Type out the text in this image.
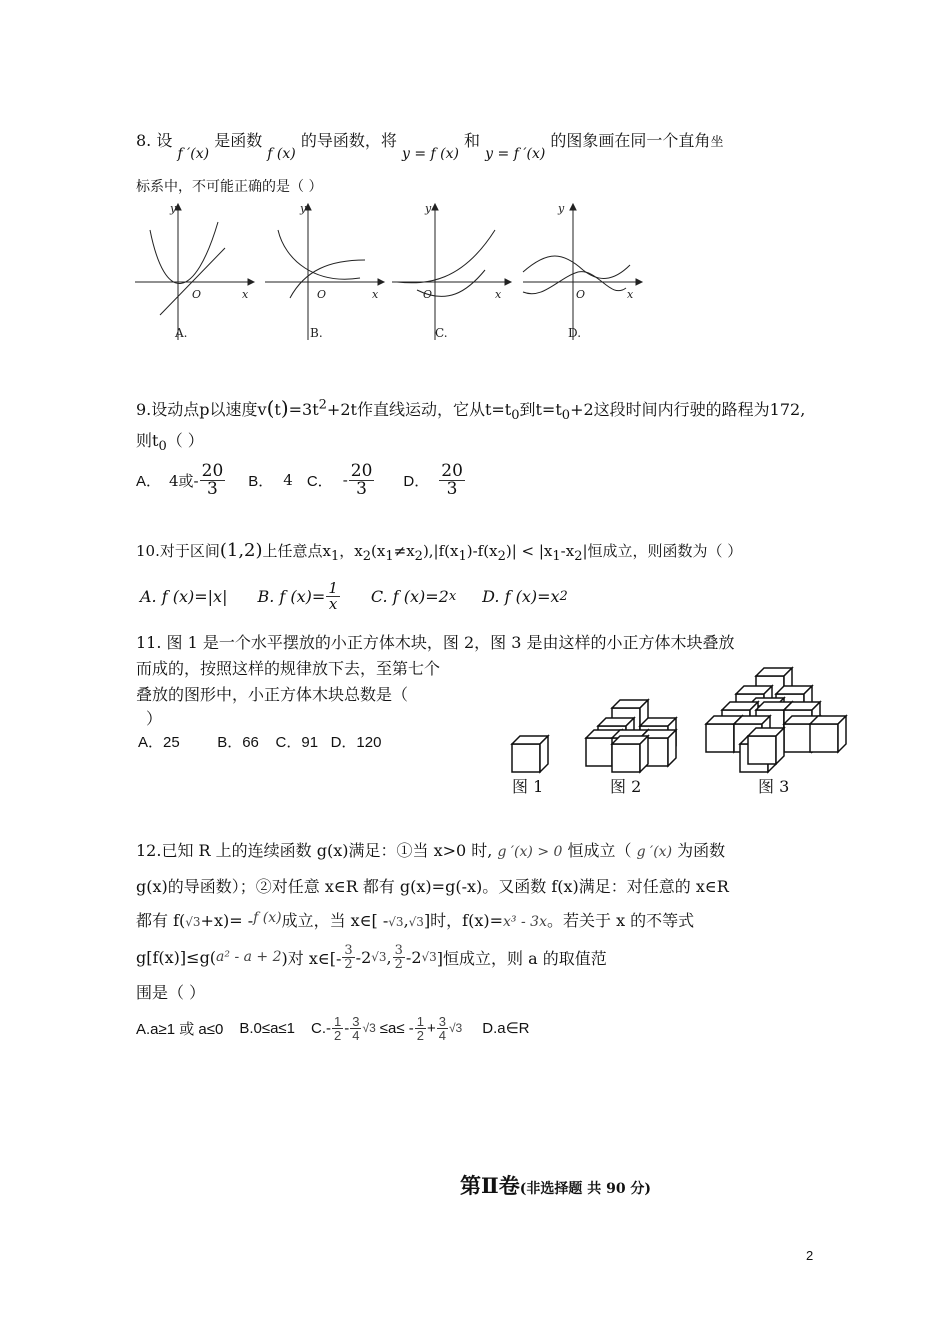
8. 设 f ′(x) 是函数 f (x) 的导函数，将 y = f (x) 和 y = f ′(x) 的图象画在同一个直角坐
标系中，不可能正确的是（ ）
y
x
O
y
x
O
y
x
O
y
x
O
A.	B.	C.	D.
9.设动点p以速度$v(t)=3t^2+2t$作直线运动，它从$t=t_0$到$t=t_0+2$这段时间内行驶的路程为172,
则$t_0$（ ）
A． 4或- $\frac{20}{3}$ B． 4 C． - $\frac{20}{3}$ D． $\frac{20}{3}$
10.对于区间(1,2)上任意点$x_1$，$x_2(x_1\ne x_2),|f(x_1)-f(x_2)| < |x_1-x_2|$恒成立，则函数为（ ）
A. f (x)=|x| B. f $(x)= \frac{1}{x} C$. f (x)=2 x D. f (x)=x 2
11. 图 1 是一个水平摆放的小正方体木块，图 2，图 3 是由这样的小正方体木块叠放
而成的，按照这样的规律放下去，至第七个
叠放的图形中，小正方体木块总数是（
）
A．25         B．66    C．91   D．120
图 1	图 2	图 3
12.已知 R 上的连续函数 g(x)满足：①当 x>0 时, g ′(x) > 0 恒成立（ g ′(x) 为函数
g(x)的导函数）；②对任意 x∈R 都有 g(x)=g(-x)。又函数 f(x)满足：对任意的 x∈R
都有 f(√3+x)= -f (x)成立，当 x∈[ -√3,√3]时，f(x)=x³ - 3x。若关于 x 的不等式
g[f(x)]≤g( a² - a + 2 )对 x∈[- $\frac{3}{2} -2$ √3 , $\frac{3}{2} -2$ √3 ]恒成立，则 a 的取值范
围是（ ）
A.a≥1 或 a≤0 B.0≤a≤1 $C.- \frac{1}{2} - \frac{3}{4} √3 \le a\le - \frac{1}{2} + \frac{3}{4} √3$ D.a∈R
第Ⅱ卷(非选择题 共 90 分)
2
